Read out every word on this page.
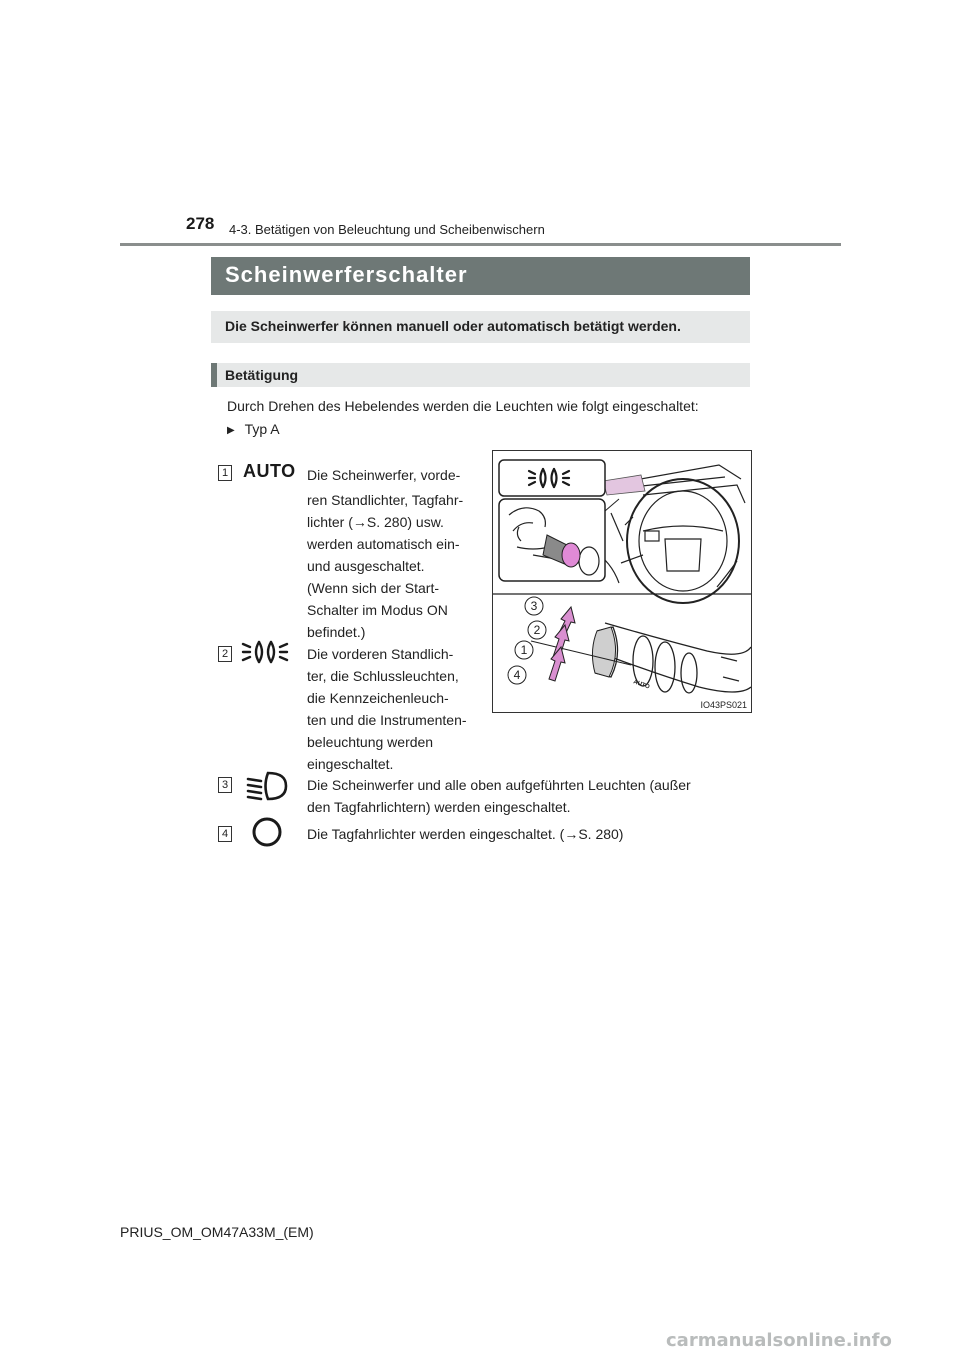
278 4-3. Betätigen von Beleuchtung und Scheibenwischern
Scheinwerferschalter
Die Scheinwerfer können manuell oder automatisch betätigt werden.
Betätigung
Durch Drehen des Hebelendes werden die Leuchten wie folgt eingeschaltet:
▶ Typ A
1 AUTO Die Scheinwerfer, vorde-
ren Standlichter, Tagfahr-
lichter (→S. 280) usw.
werden automatisch ein-
und ausgeschaltet.
(Wenn sich der Start-
Schalter im Modus ON
befindet.)
2	Die vorderen Standlich-
ter, die Schlussleuchten,
die Kennzeichenleuch-
ten und die Instrumenten-
beleuchtung werden
eingeschaltet.
3	Die Scheinwerfer und alle oben aufgeführten Leuchten (außer
den Tagfahrlichtern) werden eingeschaltet.
4	Die Tagfahrlichter werden eingeschaltet. (→S. 280)
3
2
1
4
AUTO
IO43PS021
PRIUS_OM_OM47A33M_(EM)
carmanualsonline.info
